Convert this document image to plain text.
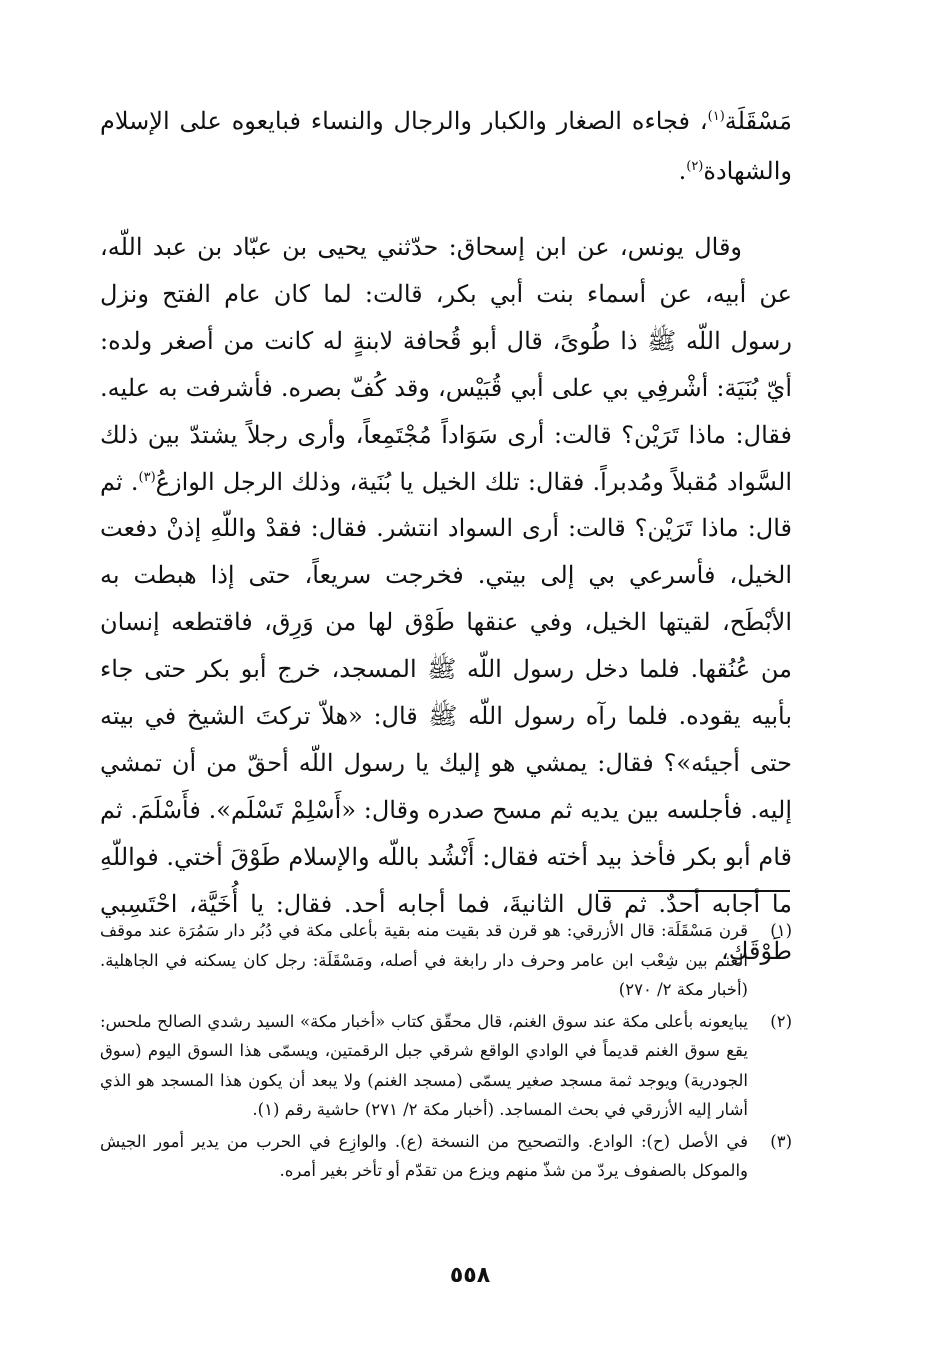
مَسْقَلَة$^{(١)}$، فجاءه الصغار والكبار والرجال والنساء فبايعوه على الإسلام والشهادة$^{(٢)}$.

وقال يونس، عن ابن إسحاق: حدّثني يحيى بن عبّاد بن عبد اللّه، عن أبيه، عن أسماء بنت أبي بكر، قالت: لما كان عام الفتح ونزل رسول اللّه ﷺ ذا طُوىً، قال أبو قُحافة لابنةٍ له كانت من أصغر ولده: أيّ بُنَيَة: أشْرفِي بي على أبي قُبَيْس، وقد كُفّ بصره. فأشرفت به عليه. فقال: ماذا تَرَيْن؟ قالت: أرى سَوَاداً مُجْتَمِعاً، وأرى رجلاً يشتدّ بين ذلك السَّواد مُقبلاً ومُدبراً. فقال: تلك الخيل يا بُنَية، وذلك الرجل الوازعُ$^{(٣)}$. ثم قال: ماذا تَرَيْن؟ قالت: أرى السواد انتشر. فقال: فقدْ واللّهِ إذنْ دفعت الخيل، فأسرعي بي إلى بيتي. فخرجت سريعاً، حتى إذا هبطت به الأبْطَح، لقيتها الخيل، وفي عنقها طَوْق لها من وَرِق، فاقتطعه إنسان من عُنُقها. فلما دخل رسول اللّه ﷺ المسجد، خرج أبو بكر حتى جاء بأبيه يقوده. فلما رآه رسول اللّه ﷺ قال: «هلاّ تركتَ الشيخ في بيته حتى أجيئه»؟ فقال: يمشي هو إليك يا رسول اللّه أحقّ من أن تمشي إليه. فأجلسه بين يديه ثم مسح صدره وقال: «أَسْلِمْ تَسْلَم». فأَسْلَمَ. ثم قام أبو بكر فأخذ بيد أخته فقال: أَنْشُد باللّه والإسلام طَوْقَ أختي. فواللّهِ ما أجابه أحدٌ. ثم قال الثانيةَ، فما أجابه أحد. فقال: يا أُخَيَّة، احْتَسِبي طَوْقَكِ،

(١)
قرن مَسْقَلَة: قال الأزرقي: هو قرن قد بقيت منه بقية بأعلى مكة في دُبُر دار سَمُرَة عند موقف الغنم بين شِعْب ابن عامر وحرف دار رابغة في أصله، ومَسْقَلَة: رجل كان يسكنه في الجاهلية. (أخبار مكة ٢/ ٢٧٠)
(٢)
يبايعونه بأعلى مكة عند سوق الغنم، قال محقّق كتاب «أخبار مكة» السيد رشدي الصالح ملحس: يقع سوق الغنم قديماً في الوادي الواقع شرقي جبل الرقمتين، ويسمّى هذا السوق اليوم (سوق الجودرية) ويوجد ثمة مسجد صغير يسمّى (مسجد الغنم) ولا يبعد أن يكون هذا المسجد هو الذي أشار إليه الأزرقي في بحث المساجد. (أخبار مكة ٢/ ٢٧١) حاشية رقم (١).
(٣)
في الأصل (ح): الوادع. والتصحيح من النسخة (ع). والوازِع في الحرب من يدير أمور الجيش والموكل بالصفوف يردّ من شذّ منهم ويزع من تقدّم أو تأخر بغير أمره.
٥٥٨
